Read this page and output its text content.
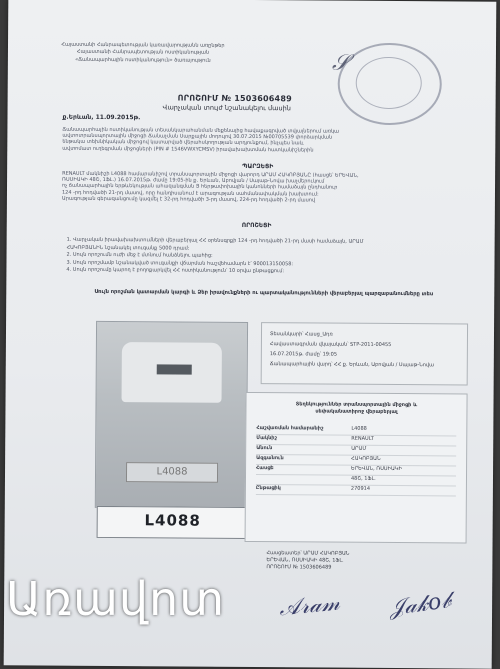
Հայաստանի Հանրապետության կառավարությանն առընթեր
Հայաստանի Հանրապետության ոստիկանության
«Ճանապարհային ոստիկանություն» ծառայություն	𝒮
ՈՐՈՇՈՒՄ № 1503606489
Վարչական տույժ նշանակելու մասին
ք.Երևան, 11.09.2015թ.
Ճանապարհային ոստիկանության տեսանկարահանման մեքենայից հավաքագրված տվյալներում առկա
ավտոտրանսպորտային միջոցի Ճանաչման Սարքային մոդուլով 30.07.2015 №00705539 փորձարկման
ենթակա տեխնիկական միջոցով կատարված վերահսկողության արդյունքում, ինչպես նաև
ավտոմատ ուղեգրման միջոցների (PIN # 1546VWXYCMSV) իրավախախտման հատկանիշներին
ՊԱՐԶԵՑԻ
RENAULT մակնիշի L4088 համարանիշով տրանսպորտային միջոցի վարորդ ԱՐԱՄ ՀԱԿՈԲՅԱՆԸ (հասցե՝ ԵՐԵՎԱՆ,
ՌՍՍԻԱԿԻ 48Շ, 1ՖԼ.) 16.07.2015թ. ժամը 19:05-ին ք. Երևան, Աբովյան / Սայաթ-Նովա խաչմերուկում
ոչ ճանապարհային երթևեկության ահազանգման Յ հերթափոխային կանոնների համաձայն ընդհանուր
124 -րդ հոդվածի 21-րդ մասով, որը հանդիսանում է արագության սահմանափակման խախտում:
Արագության գերազանցումը կազմել է 32-րդ հոդվածի 3-րդ մասով, 224-րդ հոդվածի 2-րդ մասով
ՈՐՈՇԵՑԻ
1. Վարչական իրավախախտումների վերաբերյալ ՀՀ օրենսգրքի 124 -րդ հոդվածի 21-րդ մասի համաձայն, ԱՐԱՄ
ՀԱԿՈԲՅԱՆԻՆ նշանակել տուգանք 5000 դրամ:
2. Սույն որոշումն ուժի մեջ է մտնում հանձնելու պահից:
3. Սույն որոշմամբ նշանակված տուգանքի վճարման հաշվեհամարն է՝ 900013150058:
4. Սույն որոշումը կարող է բողոքարկվել ՀՀ ոստիկանություն՝ 10 օրվա ընթացքում:
Սույն որոշման կատարման կարգի և Ձեր իրավունքների ու պարտականությունների վերաբերյալ պարզաբանումները տես
L4088
L4088
Տեսանկարի՝ Հասց_Ադռ
Հավաստագրման վկայական՝ STP-2011-00455
16.07.2015թ. ժամը՝ 19:05
Ճանապարհային վարդ՝ ՀՀ ք. Երևան, Աբովյան / Սայաթ-Նովա
Տեղեկություններ տրանսպորտային միջոցի և
սեփականատիրոջ վերաբերյալ
Հաշվառման համարանիշ	L4088
Մակնիշ	RENAULT
Անուն	ԱՐԱՄ
Ազգանուն	ՀԱԿՈԲՅԱՆ
Հասցե	ԵՐԵՎԱՆ, ՌՍՍԻԱԿԻ
48Շ, 1ՖԼ.
Ընթացիկ	270914
Հասցեատեր՝ ԱՐԱՄ ՀԱԿՈԲՅԱՆ
ԵՐԵՎԱՆ, ՌՍՍԻԱԿԻ 48Շ, 1ՖԼ.
ՈՐՈՇՈՒՄ № 1503606489
𝒜𝓇𝒶𝓂 𝒥𝒶𝓀𝑜𝒷
Առավոտ
